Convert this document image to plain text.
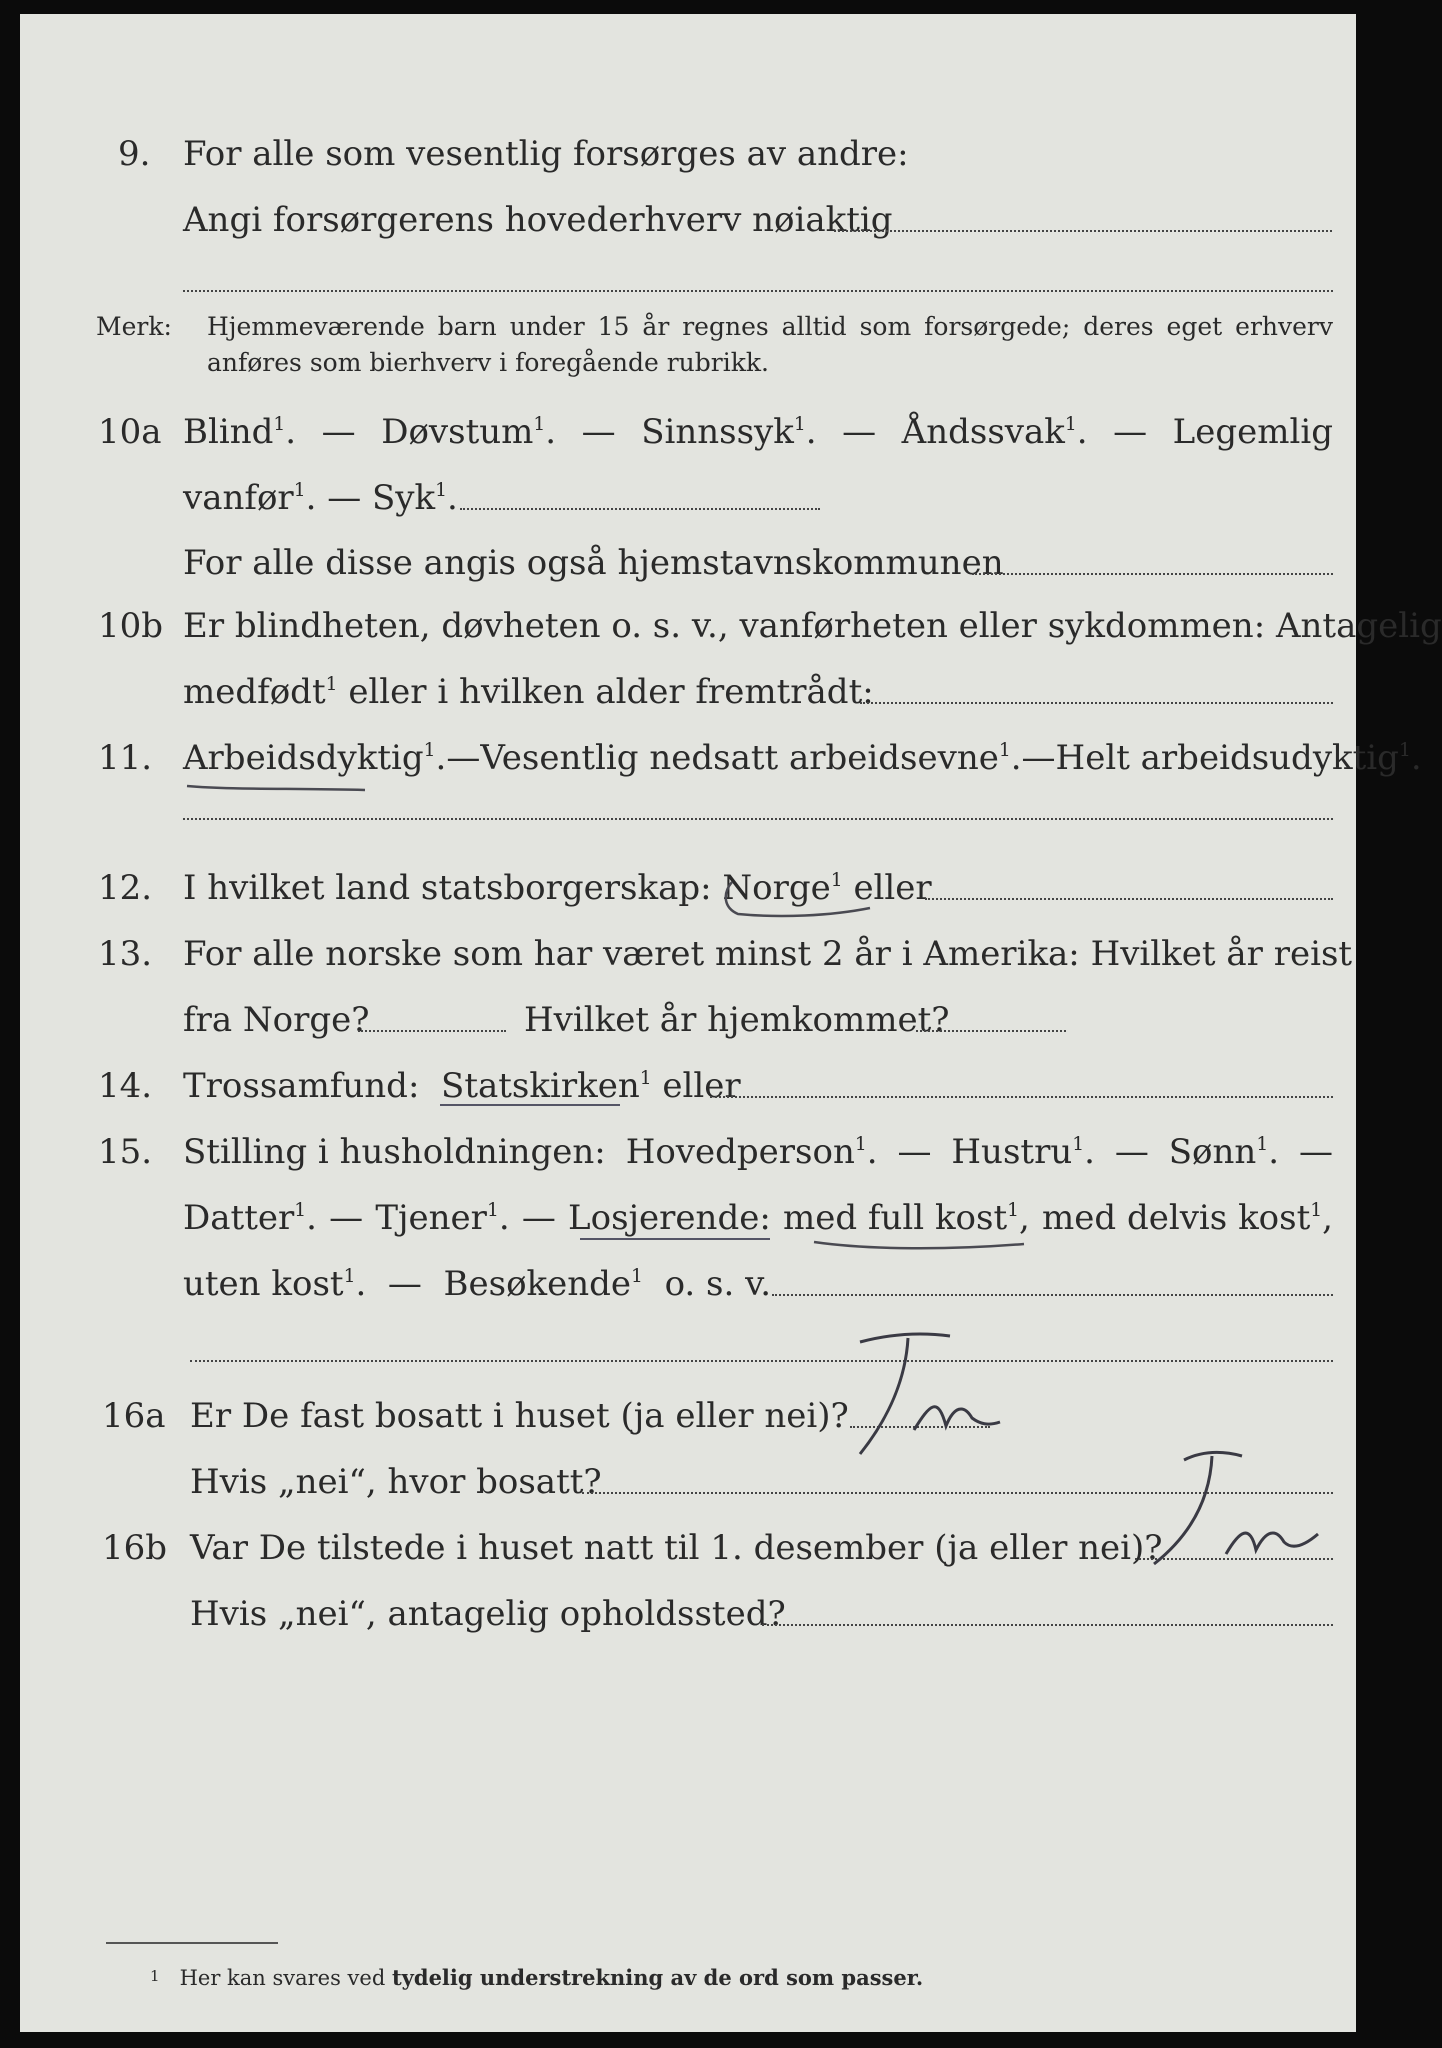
9. For alle som vesentlig forsørges av andre:
Angi forsørgerens hovederhverv nøiaktig
Merk: Hjemmeværende barn under 15 år regnes alltid som forsørgede; deres eget erhverv
anføres som bierhverv i foregående rubrikk.
10a Blind$^1$. — Døvstum$^1$. — Sinnssyk$^1$. — Åndssvak$^1$. — Legemlig
vanfør$^1$. — Syk$^1$.
For alle disse angis også hjemstavnskommunen
10b Er blindheten, døvheten o. s. v., vanførheten eller sykdommen: Antagelig
medfødt$^1$ eller i hvilken alder fremtrådt:
11. Arbeidsdyktig$^1$. — Vesentlig nedsatt arbeidsevne$^1$. — Helt arbeidsudyktig$^1$.
12. I hvilket land statsborgerskap: Norge$^1$ eller
13. For alle norske som har været minst 2 år i Amerika: Hvilket år reist
fra Norge?	Hvilket år hjemkommet?
14. Trossamfund: Statskirken$^1$ eller
15. Stilling i husholdningen: Hovedperson$^1$. — Hustru$^1$. — Sønn$^1$. —
Datter$^1$. — Tjener$^1$. — Losjerende: med full kost$^1$, med delvis kost$^1$,
uten kost$^1$.  —  Besøkende$^1$ o. s. v.
16a Er De fast bosatt i huset (ja eller nei)?
Hvis „nei“, hvor bosatt?
16b Var De tilstede i huset natt til 1. desember (ja eller nei)?
Hvis „nei“, antagelig opholdssted?
1 Her kan svares ved tydelig understrekning av de ord som passer.
